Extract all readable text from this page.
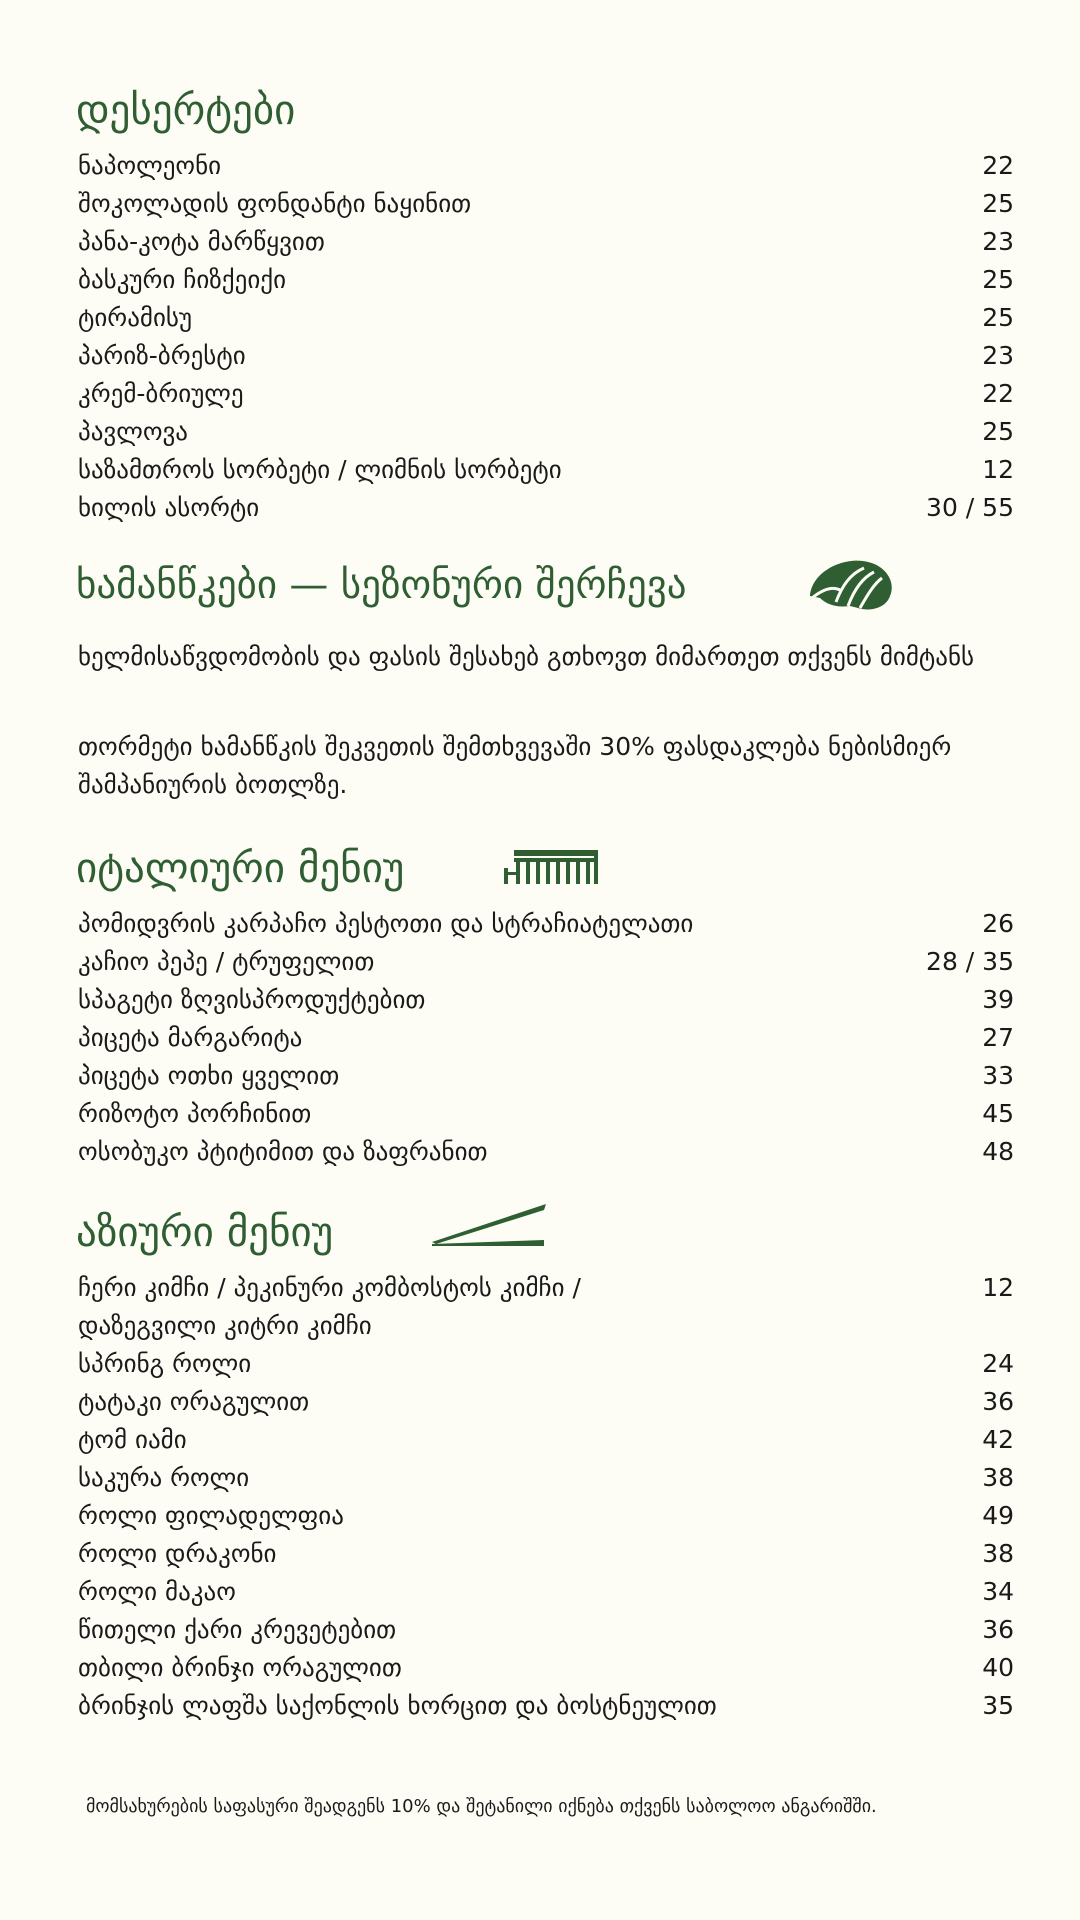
დესერტები
ნაპოლეონი	22
შოკოლადის ფონდანტი ნაყინით	25
პანა-კოტა მარწყვით	23
ბასკური ჩიზქეიქი	25
ტირამისუ	25
პარიზ-ბრესტი	23
კრემ-ბრიულე	22
პავლოვა	25
საზამთროს სორბეტი / ლიმნის სორბეტი	12
ხილის ასორტი	30 / 55
ხამანწკები — სეზონური შერჩევა
ხელმისაწვდომობის და ფასის შესახებ გთხოვთ მიმართეთ თქვენს მიმტანს
თორმეტი ხამანწკის შეკვეთის შემთხვევაში 30% ფასდაკლება ნებისმიერ შამპანიურის ბოთლზე.
იტალიური მენიუ
პომიდვრის კარპაჩო პესტოთი და სტრაჩიატელათი	26
კაჩიო პეპე / ტრუფელით	28 / 35
სპაგეტი ზღვისპროდუქტებით	39
პიცეტა მარგარიტა	27
პიცეტა ოთხი ყველით	33
რიზოტო პორჩინით	45
ოსობუკო პტიტიმით და ზაფრანით	48
აზიური მენიუ
ჩერი კიმჩი / პეკინური კომბოსტოს კიმჩი /	12
დაზეგვილი კიტრი კიმჩი
სპრინგ როლი	24
ტატაკი ორაგულით	36
ტომ იამი	42
საკურა როლი	38
როლი ფილადელფია	49
როლი დრაკონი	38
როლი მაკაო	34
წითელი ქარი კრევეტებით	36
თბილი ბრინჯი ორაგულით	40
ბრინჯის ლაფშა საქონლის ხორცით და ბოსტნეულით	35
მომსახურების საფასური შეადგენს 10% და შეტანილი იქნება თქვენს საბოლოო ანგარიშში.
